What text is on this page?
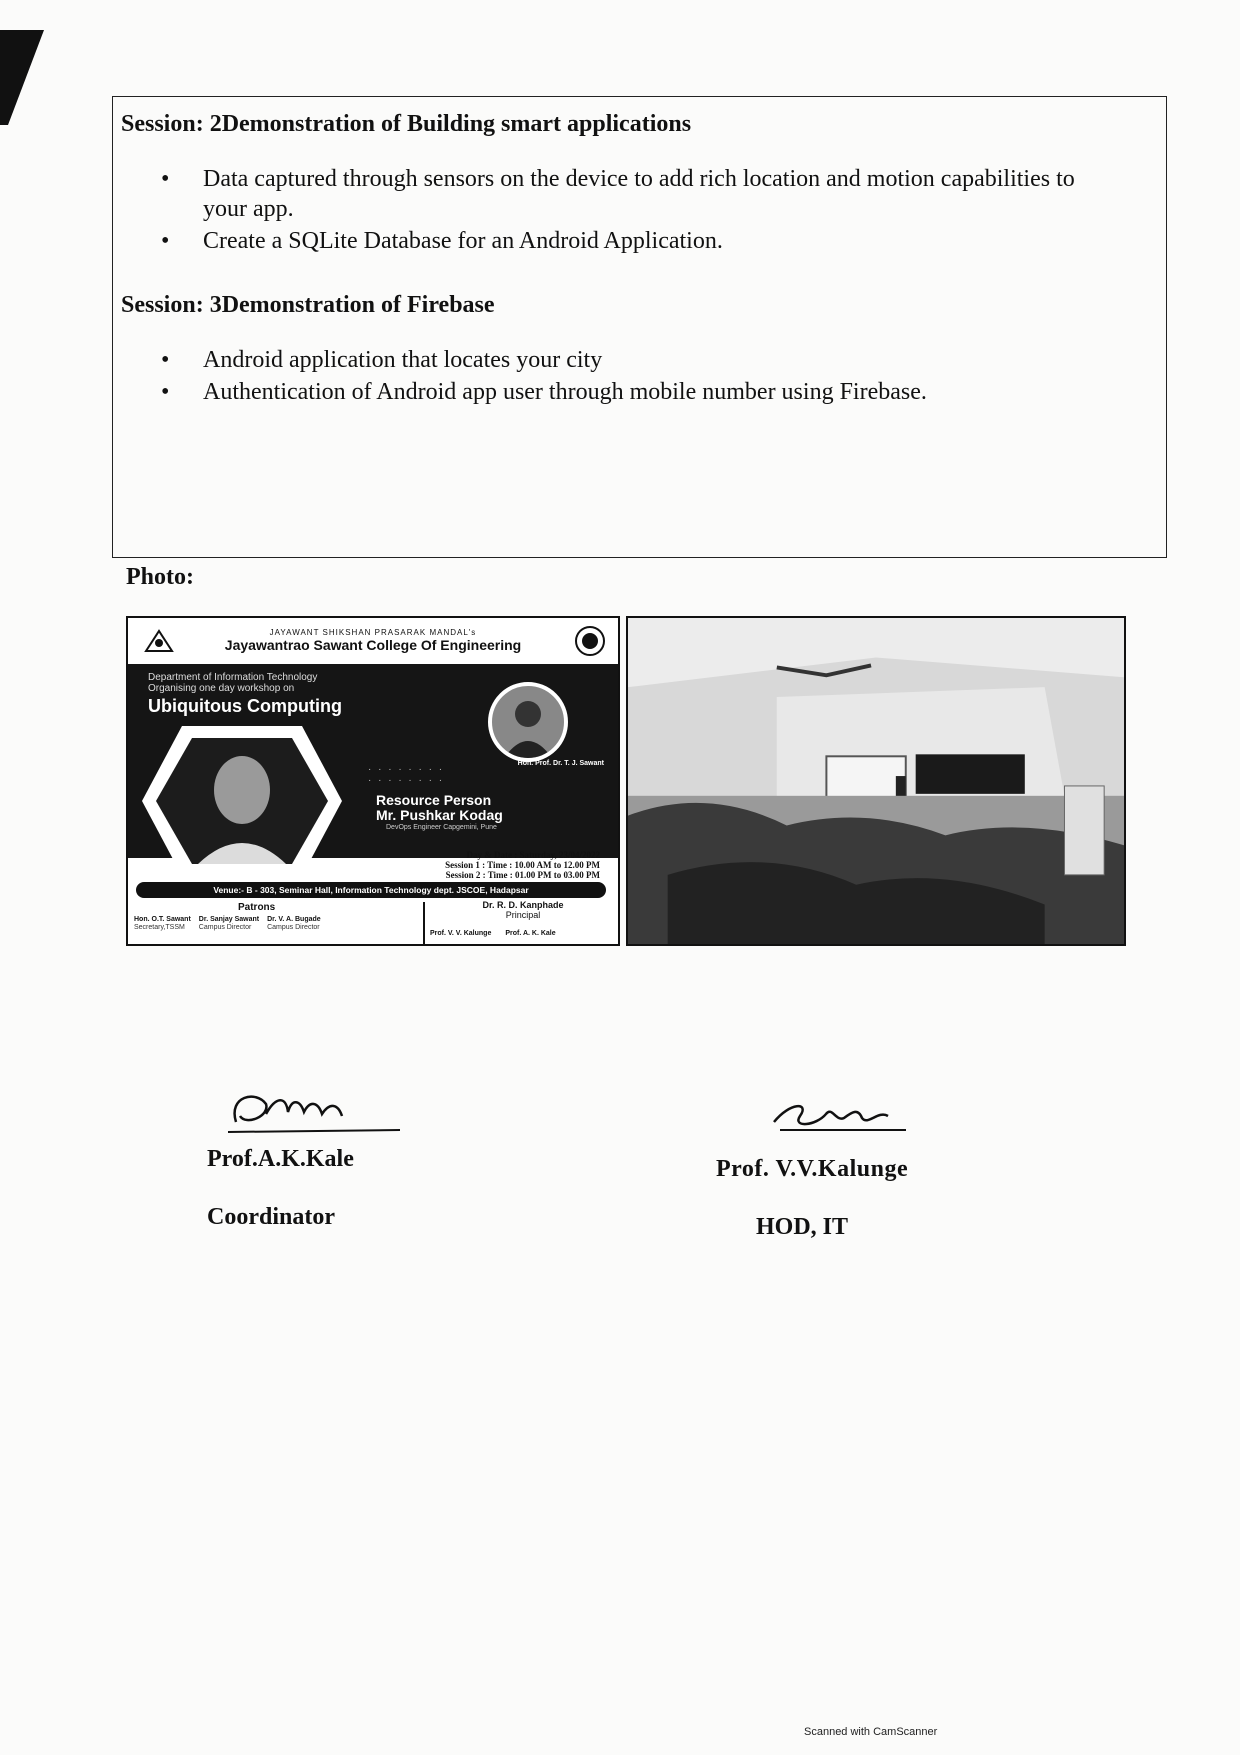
Session: 2Demonstration of Building smart applications
• Data captured through sensors on the device to add rich location and motion capabilities to your app.
• Create a SQLite Database for an Android Application.
Session: 3Demonstration of Firebase
• Android application that locates your city
• Authentication of Android app user through mobile number using Firebase.
Photo:
JAYAWANT SHIKSHAN PRASARAK MANDAL's
Jayawantrao Sawant College Of Engineering
Department of Information Technology
Organising one day workshop on
Ubiquitous Computing
· · · · · · · ·
· · · · · · · ·
Hon. Prof. Dr. T. J. Sawant
Resource Person
Mr. Pushkar Kodag
DevOps Engineer Capgemini, Pune
Day & Date : Saturday, 23/04/2022
Session 1 : Time : 10.00 AM to 12.00 PM
Session 2 : Time : 01.00 PM to 03.00 PM
Venue:- B - 303, Seminar Hall, Information Technology dept. JSCOE, Hadapsar
Patrons
Hon. O.T. Sawant
Secretary,TSSM
Dr. Sanjay Sawant
Campus Director
Dr. V. A. Bugade
Campus Director
Dr. R. D. Kanphade
Principal
Prof. V. V. Kalunge Prof. A. K. Kale
Prof.A.K.Kale
Coordinator
Prof. V.V.Kalunge
HOD, IT
Scanned with CamScanner
